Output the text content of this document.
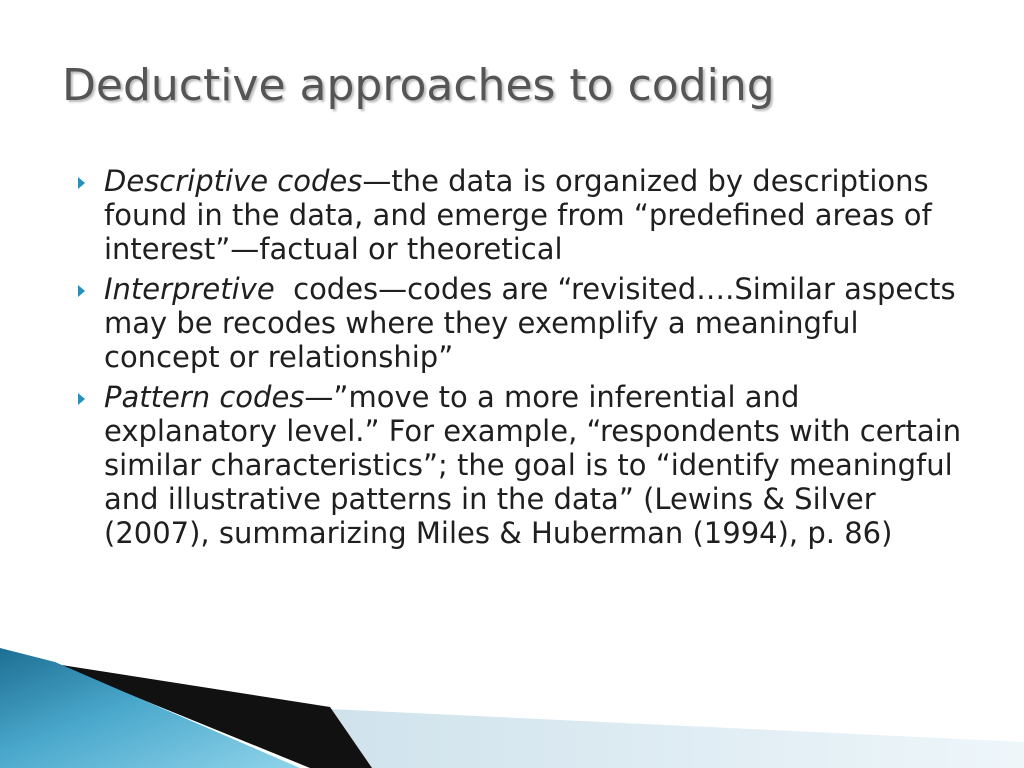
Deductive approaches to coding
Descriptive codes—the data is organized by descriptions found in the data, and emerge from “predefined areas of interest”—factual or theoretical
Interpretive  codes—codes are “revisited….Similar aspects may be recodes where they exemplify a meaningful concept or relationship”
Pattern codes—”move to a more inferential and explanatory level.” For example, “respondents with certain similar characteristics”; the goal is to “identify meaningful and illustrative patterns in the data” (Lewins & Silver (2007), summarizing Miles & Huberman (1994), p. 86)
